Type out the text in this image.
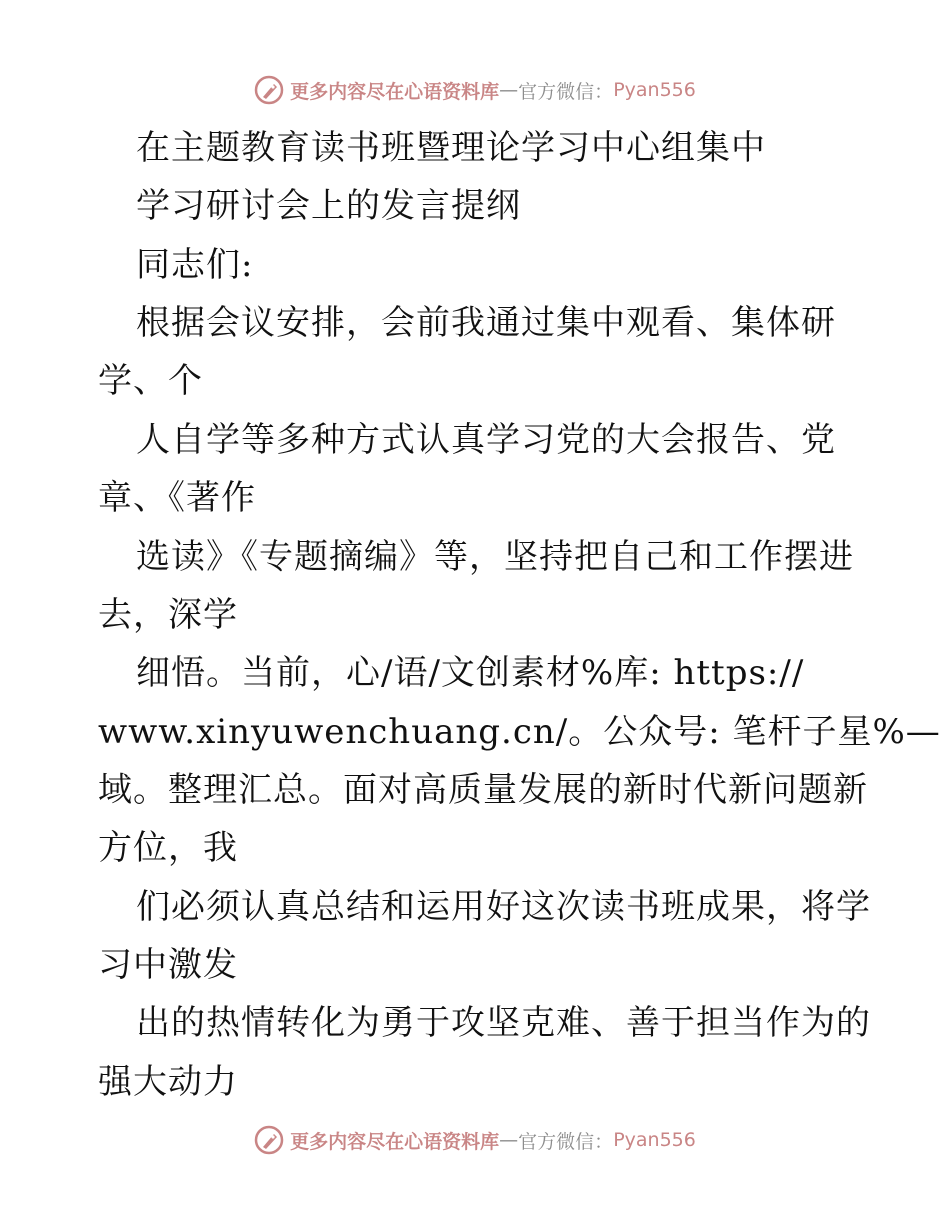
更多内容尽在心语资料库 — 官方微信： Pyan556
在主题教育读书班暨理论学习中心组集中
学习研讨会上的发言提纲
同志们:
根据会议安排，会前我通过集中观看、集体研
学、个
人自学等多种方式认真学习党的大会报告、党
章、《著作
选读》《专题摘编》等，坚持把自己和工作摆进
去，深学
细悟。当前，心/语/文创素材%库: https://
www.xinyuwenchuang.cn/。公众号: 笔杆子星%—
域。整理汇总。面对高质量发展的新时代新问题新
方位，我
们必须认真总结和运用好这次读书班成果，将学
习中激发
出的热情转化为勇于攻坚克难、善于担当作为的
强大动力
更多内容尽在心语资料库 — 官方微信： Pyan556
